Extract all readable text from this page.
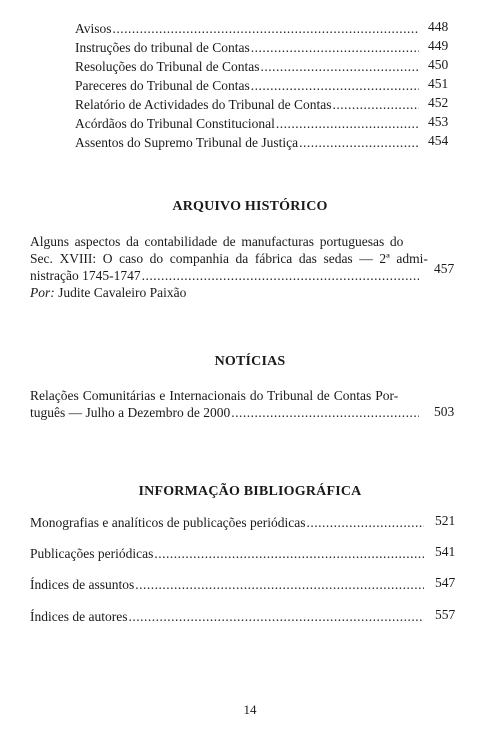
Avisos .....	448
Instruções do tribunal de Contas .....	449
Resoluções do Tribunal de Contas .....	450
Pareceres do Tribunal de Contas .....	451
Relatório de Actividades do Tribunal de Contas .....	452
Acórdãos do Tribunal Constitucional .....	453
Assentos do Supremo Tribunal de Justiça .....	454
ARQUIVO HISTÓRICO
Alguns aspectos da contabilidade de manufacturas portuguesas do
Sec. XVIII: O caso do companhia da fábrica das sedas — 2ª admi-
nistração 1745-1747 .....	457
Por: Judite Cavaleiro Paixão
NOTÍCIAS
Relações Comunitárias e Internacionais do Tribunal de Contas Por-
tuguês — Julho a Dezembro de 2000 .....	503
INFORMAÇÃO BIBLIOGRÁFICA
Monografias e analíticos de publicações periódicas .....	521
Publicações periódicas .....	541
Índices de assuntos .....	547
Índices de autores .....	557
14
